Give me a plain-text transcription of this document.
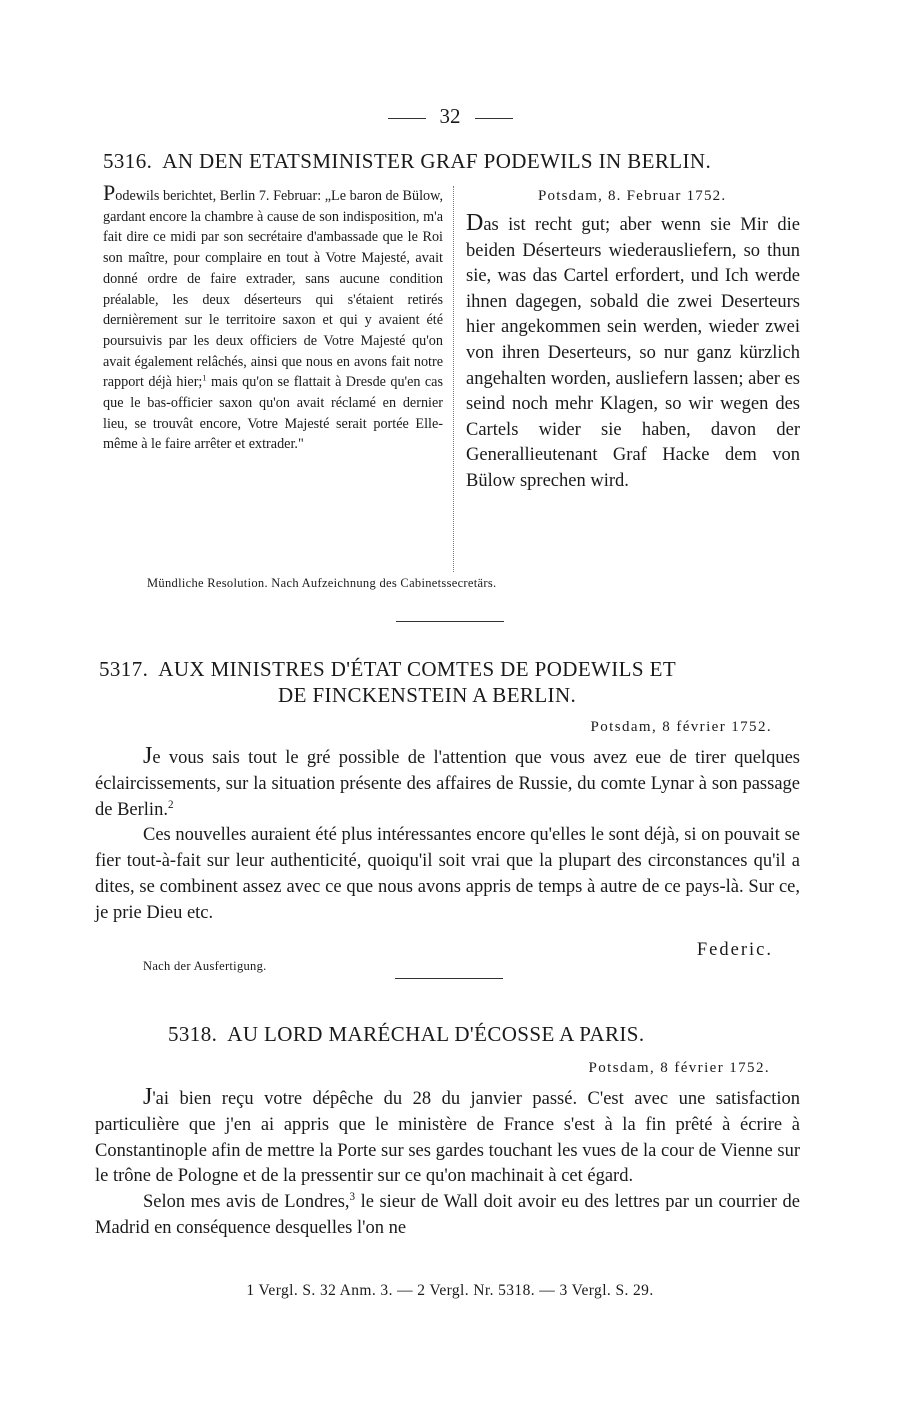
32
5316. AN DEN ETATSMINISTER GRAF PODEWILS IN BERLIN.
Podewils berichtet, Berlin 7. Februar: „Le baron de Bülow, gardant encore la chambre à cause de son indisposition, m'a fait dire ce midi par son secrétaire d'ambassade que le Roi son maître, pour complaire en tout à Votre Majesté, avait donné ordre de faire extrader, sans aucune condition préalable, les deux déserteurs qui s'étaient retirés dernièrement sur le territoire saxon et qui y avaient été poursuivis par les deux officiers de Votre Majesté qu'on avait également relâchés, ainsi que nous en avons fait notre rapport déjà hier;$^1$ mais qu'on se flattait à Dresde qu'en cas que le bas-officier saxon qu'on avait réclamé en dernier lieu, se trouvât encore, Votre Majesté serait portée Elle-même à le faire arrêter et extrader."
Potsdam, 8. Februar 1752.
Das ist recht gut; aber wenn sie Mir die beiden Déserteurs wiederausliefern, so thun sie, was das Cartel erfordert, und Ich werde ihnen dagegen, sobald die zwei Deserteurs hier angekommen sein werden, wieder zwei von ihren Deserteurs, so nur ganz kürzlich angehalten worden, ausliefern lassen; aber es seind noch mehr Klagen, so wir wegen des Cartels wider sie haben, davon der Generallieutenant Graf Hacke dem von Bülow sprechen wird.
Mündliche Resolution. Nach Aufzeichnung des Cabinetssecretärs.
5317. AUX MINISTRES D'ÉTAT COMTES DE PODEWILS ET
DE FINCKENSTEIN A BERLIN.
Potsdam, 8 février 1752.

Je vous sais tout le gré possible de l'attention que vous avez eue de tirer quelques éclaircissements, sur la situation présente des affaires de Russie, du comte Lynar à son passage de Berlin.$^2$

Ces nouvelles auraient été plus intéressantes encore qu'elles le sont déjà, si on pouvait se fier tout-à-fait sur leur authenticité, quoiqu'il soit vrai que la plupart des circonstances qu'il a dites, se combinent assez avec ce que nous avons appris de temps à autre de ce pays-là. Sur ce, je prie Dieu etc.

Federic.
Nach der Ausfertigung.
5318. AU LORD MARÉCHAL D'ÉCOSSE A PARIS.
Potsdam, 8 février 1752.

J'ai bien reçu votre dépêche du 28 du janvier passé. C'est avec une satisfaction particulière que j'en ai appris que le ministère de France s'est à la fin prêté à écrire à Constantinople afin de mettre la Porte sur ses gardes touchant les vues de la cour de Vienne sur le trône de Pologne et de la pressentir sur ce qu'on machinait à cet égard.

Selon mes avis de Londres,$^3$ le sieur de Wall doit avoir eu des lettres par un courrier de Madrid en conséquence desquelles l'on ne

1 Vergl. S. 32 Anm. 3. — 2 Vergl. Nr. 5318. — 3 Vergl. S. 29.
